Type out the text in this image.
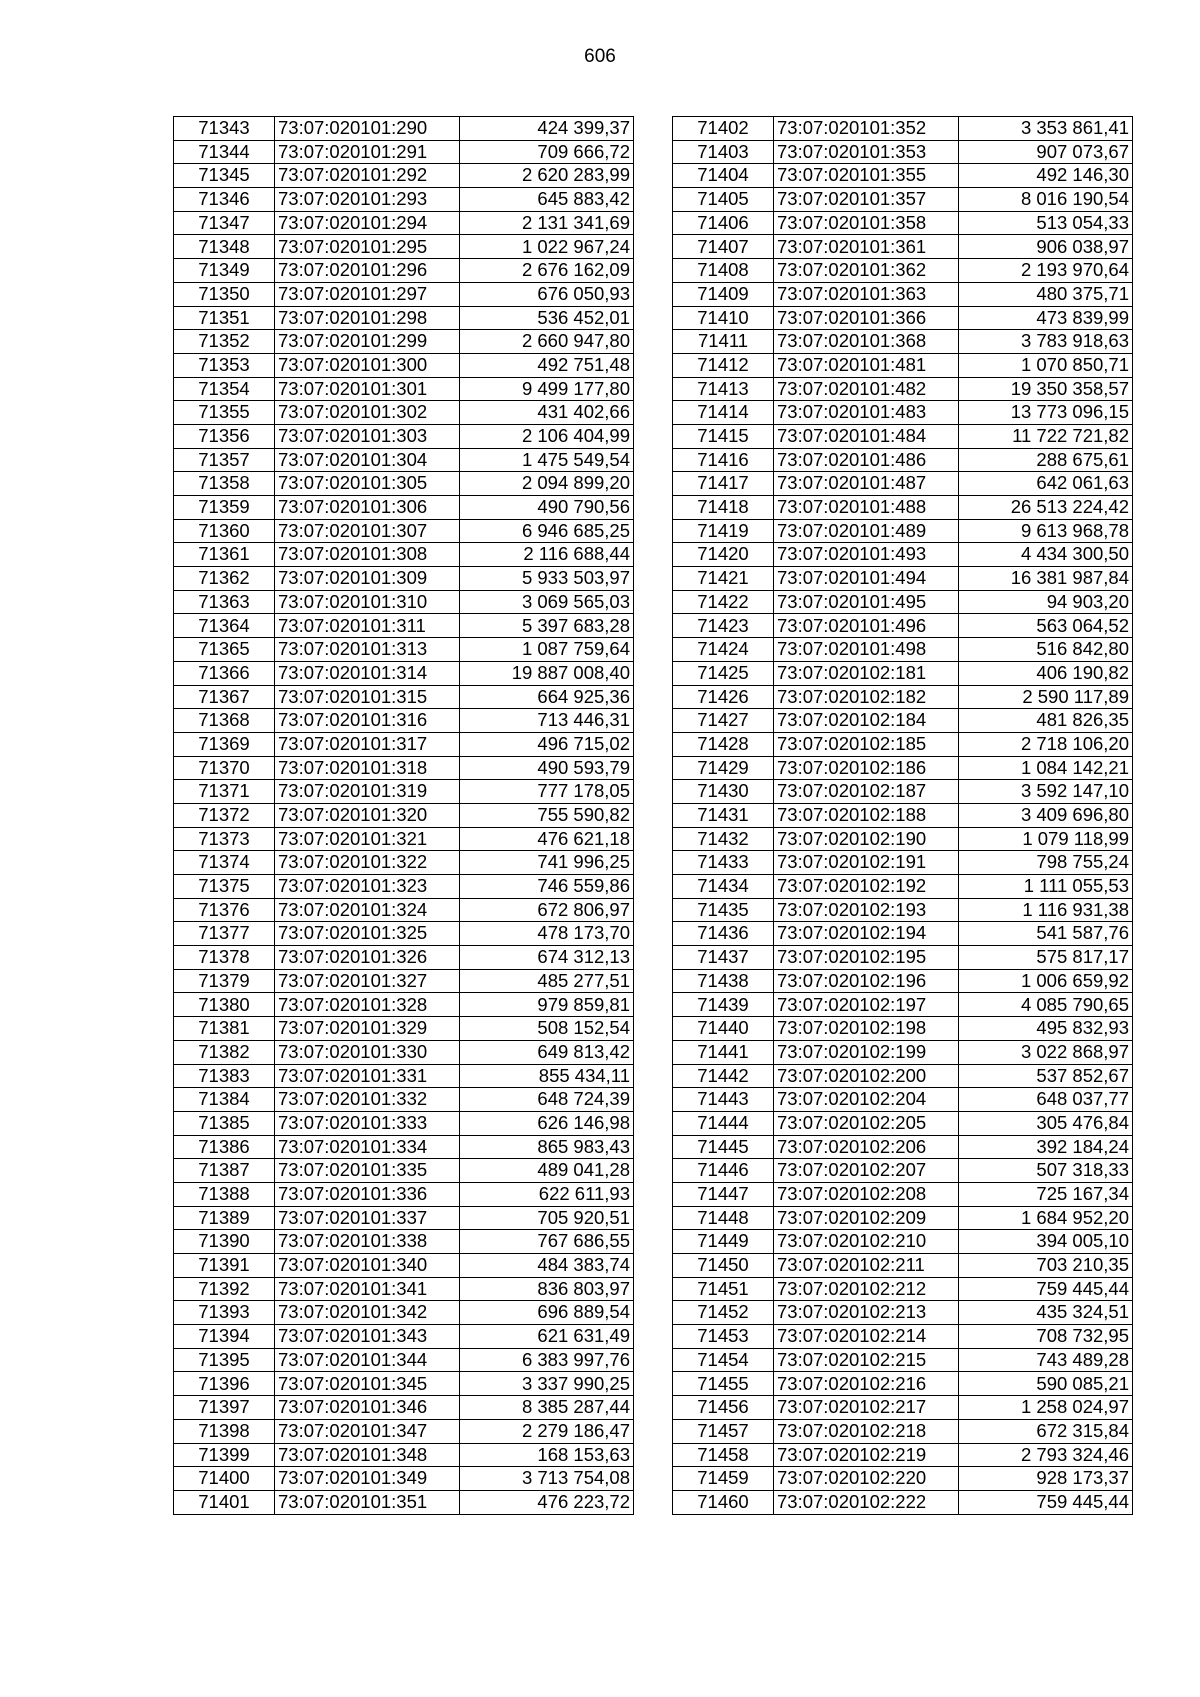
606
71343	73:07:020101:290	424 399,37
71344	73:07:020101:291	709 666,72
71345	73:07:020101:292	2 620 283,99
71346	73:07:020101:293	645 883,42
71347	73:07:020101:294	2 131 341,69
71348	73:07:020101:295	1 022 967,24
71349	73:07:020101:296	2 676 162,09
71350	73:07:020101:297	676 050,93
71351	73:07:020101:298	536 452,01
71352	73:07:020101:299	2 660 947,80
71353	73:07:020101:300	492 751,48
71354	73:07:020101:301	9 499 177,80
71355	73:07:020101:302	431 402,66
71356	73:07:020101:303	2 106 404,99
71357	73:07:020101:304	1 475 549,54
71358	73:07:020101:305	2 094 899,20
71359	73:07:020101:306	490 790,56
71360	73:07:020101:307	6 946 685,25
71361	73:07:020101:308	2 116 688,44
71362	73:07:020101:309	5 933 503,97
71363	73:07:020101:310	3 069 565,03
71364	73:07:020101:311	5 397 683,28
71365	73:07:020101:313	1 087 759,64
71366	73:07:020101:314	19 887 008,40
71367	73:07:020101:315	664 925,36
71368	73:07:020101:316	713 446,31
71369	73:07:020101:317	496 715,02
71370	73:07:020101:318	490 593,79
71371	73:07:020101:319	777 178,05
71372	73:07:020101:320	755 590,82
71373	73:07:020101:321	476 621,18
71374	73:07:020101:322	741 996,25
71375	73:07:020101:323	746 559,86
71376	73:07:020101:324	672 806,97
71377	73:07:020101:325	478 173,70
71378	73:07:020101:326	674 312,13
71379	73:07:020101:327	485 277,51
71380	73:07:020101:328	979 859,81
71381	73:07:020101:329	508 152,54
71382	73:07:020101:330	649 813,42
71383	73:07:020101:331	855 434,11
71384	73:07:020101:332	648 724,39
71385	73:07:020101:333	626 146,98
71386	73:07:020101:334	865 983,43
71387	73:07:020101:335	489 041,28
71388	73:07:020101:336	622 611,93
71389	73:07:020101:337	705 920,51
71390	73:07:020101:338	767 686,55
71391	73:07:020101:340	484 383,74
71392	73:07:020101:341	836 803,97
71393	73:07:020101:342	696 889,54
71394	73:07:020101:343	621 631,49
71395	73:07:020101:344	6 383 997,76
71396	73:07:020101:345	3 337 990,25
71397	73:07:020101:346	8 385 287,44
71398	73:07:020101:347	2 279 186,47
71399	73:07:020101:348	168 153,63
71400	73:07:020101:349	3 713 754,08
71401	73:07:020101:351	476 223,72
71402	73:07:020101:352	3 353 861,41
71403	73:07:020101:353	907 073,67
71404	73:07:020101:355	492 146,30
71405	73:07:020101:357	8 016 190,54
71406	73:07:020101:358	513 054,33
71407	73:07:020101:361	906 038,97
71408	73:07:020101:362	2 193 970,64
71409	73:07:020101:363	480 375,71
71410	73:07:020101:366	473 839,99
71411	73:07:020101:368	3 783 918,63
71412	73:07:020101:481	1 070 850,71
71413	73:07:020101:482	19 350 358,57
71414	73:07:020101:483	13 773 096,15
71415	73:07:020101:484	11 722 721,82
71416	73:07:020101:486	288 675,61
71417	73:07:020101:487	642 061,63
71418	73:07:020101:488	26 513 224,42
71419	73:07:020101:489	9 613 968,78
71420	73:07:020101:493	4 434 300,50
71421	73:07:020101:494	16 381 987,84
71422	73:07:020101:495	94 903,20
71423	73:07:020101:496	563 064,52
71424	73:07:020101:498	516 842,80
71425	73:07:020102:181	406 190,82
71426	73:07:020102:182	2 590 117,89
71427	73:07:020102:184	481 826,35
71428	73:07:020102:185	2 718 106,20
71429	73:07:020102:186	1 084 142,21
71430	73:07:020102:187	3 592 147,10
71431	73:07:020102:188	3 409 696,80
71432	73:07:020102:190	1 079 118,99
71433	73:07:020102:191	798 755,24
71434	73:07:020102:192	1 111 055,53
71435	73:07:020102:193	1 116 931,38
71436	73:07:020102:194	541 587,76
71437	73:07:020102:195	575 817,17
71438	73:07:020102:196	1 006 659,92
71439	73:07:020102:197	4 085 790,65
71440	73:07:020102:198	495 832,93
71441	73:07:020102:199	3 022 868,97
71442	73:07:020102:200	537 852,67
71443	73:07:020102:204	648 037,77
71444	73:07:020102:205	305 476,84
71445	73:07:020102:206	392 184,24
71446	73:07:020102:207	507 318,33
71447	73:07:020102:208	725 167,34
71448	73:07:020102:209	1 684 952,20
71449	73:07:020102:210	394 005,10
71450	73:07:020102:211	703 210,35
71451	73:07:020102:212	759 445,44
71452	73:07:020102:213	435 324,51
71453	73:07:020102:214	708 732,95
71454	73:07:020102:215	743 489,28
71455	73:07:020102:216	590 085,21
71456	73:07:020102:217	1 258 024,97
71457	73:07:020102:218	672 315,84
71458	73:07:020102:219	2 793 324,46
71459	73:07:020102:220	928 173,37
71460	73:07:020102:222	759 445,44
